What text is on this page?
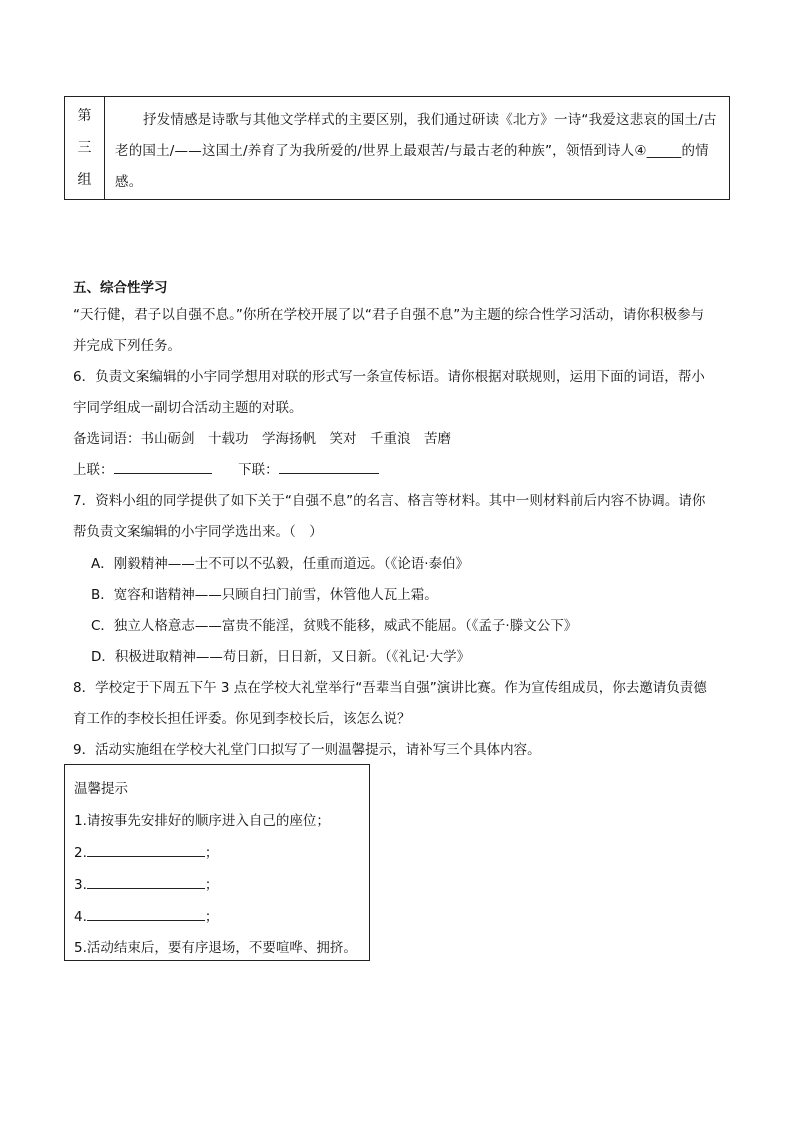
第
三
组
抒发情感是诗歌与其他文学样式的主要区别，我们通过研读《北方》一诗“我爱这悲哀的国土/古老的国土/——这国土/养育了为我所爱的/世界上最艰苦/与最古老的种族”，领悟到诗人④_____的情感。
五、综合性学习
“天行健，君子以自强不息。”你所在学校开展了以“君子自强不息”为主题的综合性学习活动，请你积极参与
并完成下列任务。
6．负责文案编辑的小宇同学想用对联的形式写一条宣传标语。请你根据对联规则，运用下面的词语，帮小
宇同学组成一副切合活动主题的对联。
备选词语：书山砺剑　十载功　学海扬帆　笑对　千重浪　苦磨
上联：	下联：
7．资料小组的同学提供了如下关于“自强不息”的名言、格言等材料。其中一则材料前后内容不协调。请你
帮负责文案编辑的小宇同学选出来。（　）
A．刚毅精神——士不可以不弘毅，任重而道远。（《论语·泰伯》
B．宽容和谐精神——只顾自扫门前雪，休管他人瓦上霜。
C．独立人格意志——富贵不能淫，贫贱不能移，威武不能屈。（《孟子·滕文公下》
D．积极进取精神——苟日新，日日新，又日新。（《礼记·大学》
8．学校定于下周五下午 3 点在学校大礼堂举行“吾辈当自强”演讲比赛。作为宣传组成员，你去邀请负责德
育工作的李校长担任评委。你见到李校长后，该怎么说？
9．活动实施组在学校大礼堂门口拟写了一则温馨提示，请补写三个具体内容。
温馨提示
1.请按事先安排好的顺序进入自己的座位；
2.	；
3.	；
4.	；
5.活动结束后，要有序退场，不要喧哗、拥挤。
